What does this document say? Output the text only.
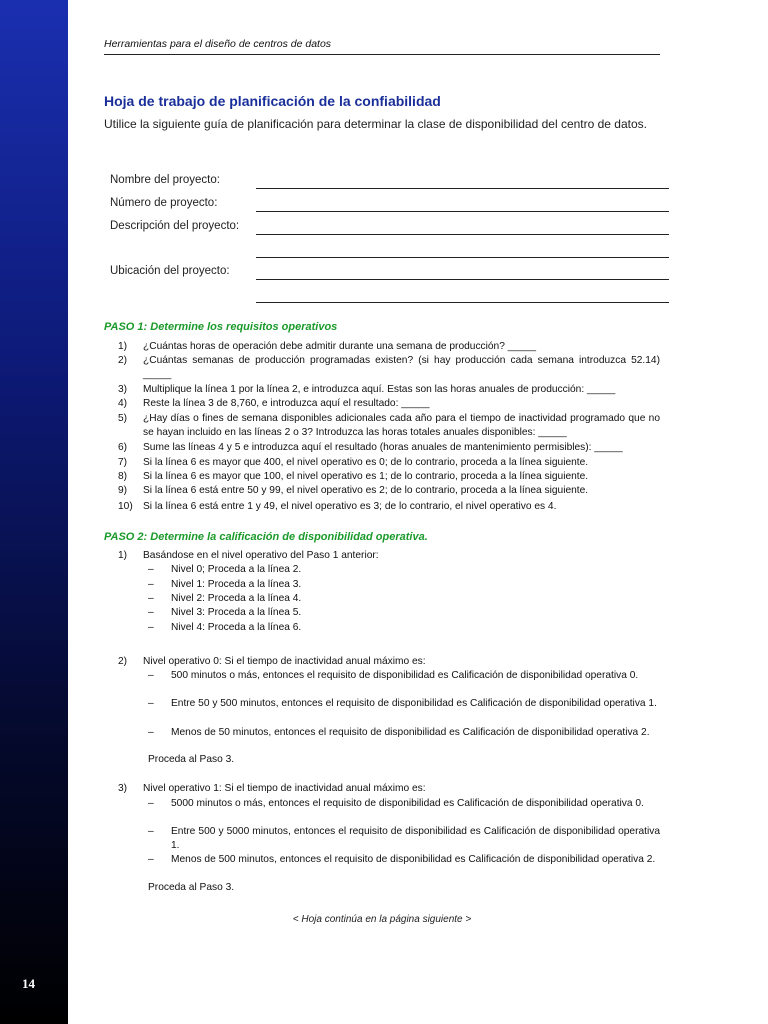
14
Herramientas para el diseño de centros de datos
Hoja de trabajo de planificación de la confiabilidad
Utilice la siguiente guía de planificación para determinar la clase de disponibilidad del centro de datos.
Nombre del proyecto:
Número de proyecto:
Descripción del proyecto:
Ubicación del proyecto:
PASO 1: Determine los requisitos operativos
1)	¿Cuántas horas de operación debe admitir durante una semana de producción? _____
2)	¿Cuántas semanas de producción programadas existen? (si hay producción cada semana introduzca 52.14) _____
3)	Multiplique la línea 1 por la línea 2, e introduzca aquí. Estas son las horas anuales de producción: _____
4)	Reste la línea 3 de 8,760, e introduzca aquí el resultado: _____
5)	¿Hay días o fines de semana disponibles adicionales cada año para el tiempo de inactividad programado que no se hayan incluido en las líneas 2 o 3? Introduzca las horas totales anuales disponibles: _____
6)	Sume las líneas 4 y 5 e introduzca aquí el resultado (horas anuales de mantenimiento permisibles): _____
7)	Si la línea 6 es mayor que 400, el nivel operativo es 0; de lo contrario, proceda a la línea siguiente.
8)	Si la línea 6 es mayor que 100, el nivel operativo es 1; de lo contrario, proceda a la línea siguiente.
9)	Si la línea 6 está entre 50 y 99, el nivel operativo es 2; de lo contrario, proceda a la línea siguiente.
10)	Si la línea 6 está entre 1 y 49, el nivel operativo es 3; de lo contrario, el nivel operativo es 4.
PASO 2: Determine la calificación de disponibilidad operativa.
1)	Basándose en el nivel operativo del Paso 1 anterior:
– Nivel 0; Proceda a la línea 2.
– Nivel 1: Proceda a la línea 3.
– Nivel 2: Proceda a la línea 4.
– Nivel 3: Proceda a la línea 5.
– Nivel 4: Proceda a la línea 6.
2)	Nivel operativo 0: Si el tiempo de inactividad anual máximo es:
– 500 minutos o más, entonces el requisito de disponibilidad es Calificación de disponibilidad operativa 0.
– Entre 50 y 500 minutos, entonces el requisito de disponibilidad es Calificación de disponibilidad operativa 1.
– Menos de 50 minutos, entonces el requisito de disponibilidad es Calificación de disponibilidad operativa 2.
Proceda al Paso 3.
3)	Nivel operativo 1: Si el tiempo de inactividad anual máximo es:
– 5000 minutos o más, entonces el requisito de disponibilidad es Calificación de disponibilidad operativa 0.
– Entre 500 y 5000 minutos, entonces el requisito de disponibilidad es Calificación de disponibilidad operativa 1.
– Menos de 500 minutos, entonces el requisito de disponibilidad es Calificación de disponibilidad operativa 2.
Proceda al Paso 3.
< Hoja continúa en la página siguiente >
